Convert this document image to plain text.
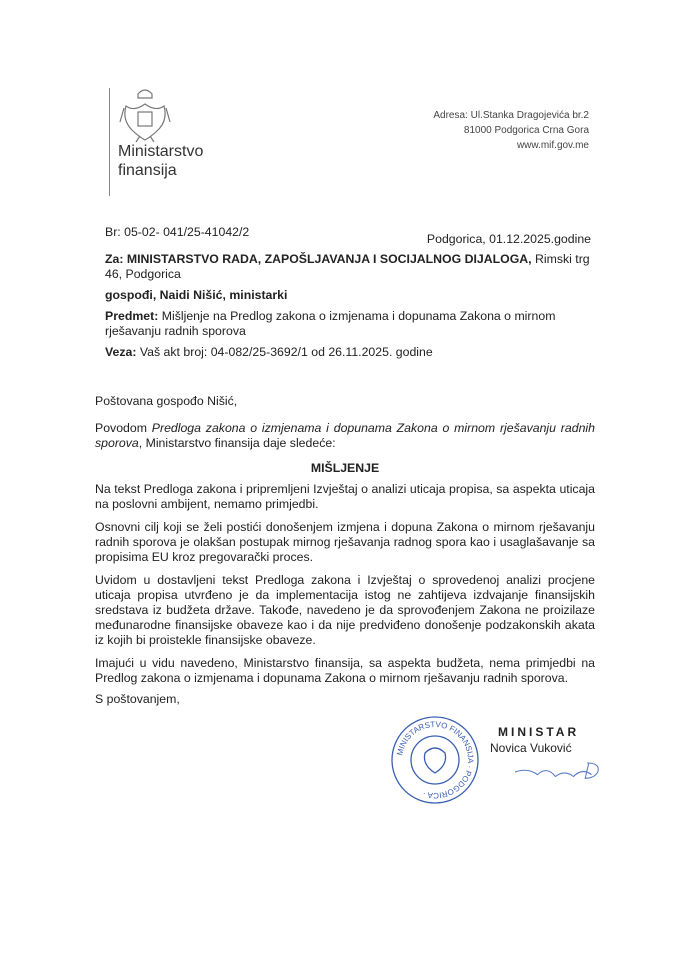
Ministarstvo
finansija
Adresa: Ul.Stanka Dragojevića br.2
81000 Podgorica Crna Gora
www.mif.gov.me
Br: 05-02- 041/25-41042/2	Podgorica, 01.12.2025.godine
Za: MINISTARSTVO RADA, ZAPOŠLJAVANJA I SOCIJALNOG DIJALOGA, Rimski trg 46, Podgorica
gospođi, Naidi Nišić, ministarki
Predmet: Mišljenje na Predlog zakona o izmjenama i dopunama Zakona o mirnom rješavanju radnih sporova
Veza: Vaš akt broj: 04-082/25-3692/1 od 26.11.2025. godine
Poštovana gospođo Nišić,
Povodom Predloga zakona o izmjenama i dopunama Zakona o mirnom rješavanju radnih sporova, Ministarstvo finansija daje sledeće:
MIŠLJENJE
Na tekst Predloga zakona i pripremljeni Izvještaj o analizi uticaja propisa, sa aspekta uticaja na poslovni ambijent, nemamo primjedbi.
Osnovni cilj koji se želi postići donošenjem izmjena i dopuna Zakona o mirnom rješavanju radnih sporova je olakšan postupak mirnog rješavanja radnog spora kao i usaglašavanje sa propisima EU kroz pregovarački proces.
Uvidom u dostavljeni tekst Predloga zakona i Izvještaj o sprovedenoj analizi procjene uticaja propisa utvrđeno je da implementacija istog ne zahtijeva izdvajanje finansijskih sredstava iz budžeta države. Takođe, navedeno je da sprovođenjem Zakona ne proizilaze međunarodne finansijske obaveze kao i da nije predviđeno donošenje podzakonskih akata iz kojih bi proistekle finansijske obaveze.
Imajući u vidu navedeno, Ministarstvo finansija, sa aspekta budžeta, nema primjedbi na Predlog zakona o izmjenama i dopunama Zakona o mirnom rješavanju radnih sporova.
S poštovanjem,
MINISTARSTVO FINANSIJA · PODGORICA ·
MINISTAR
Novica Vuković
